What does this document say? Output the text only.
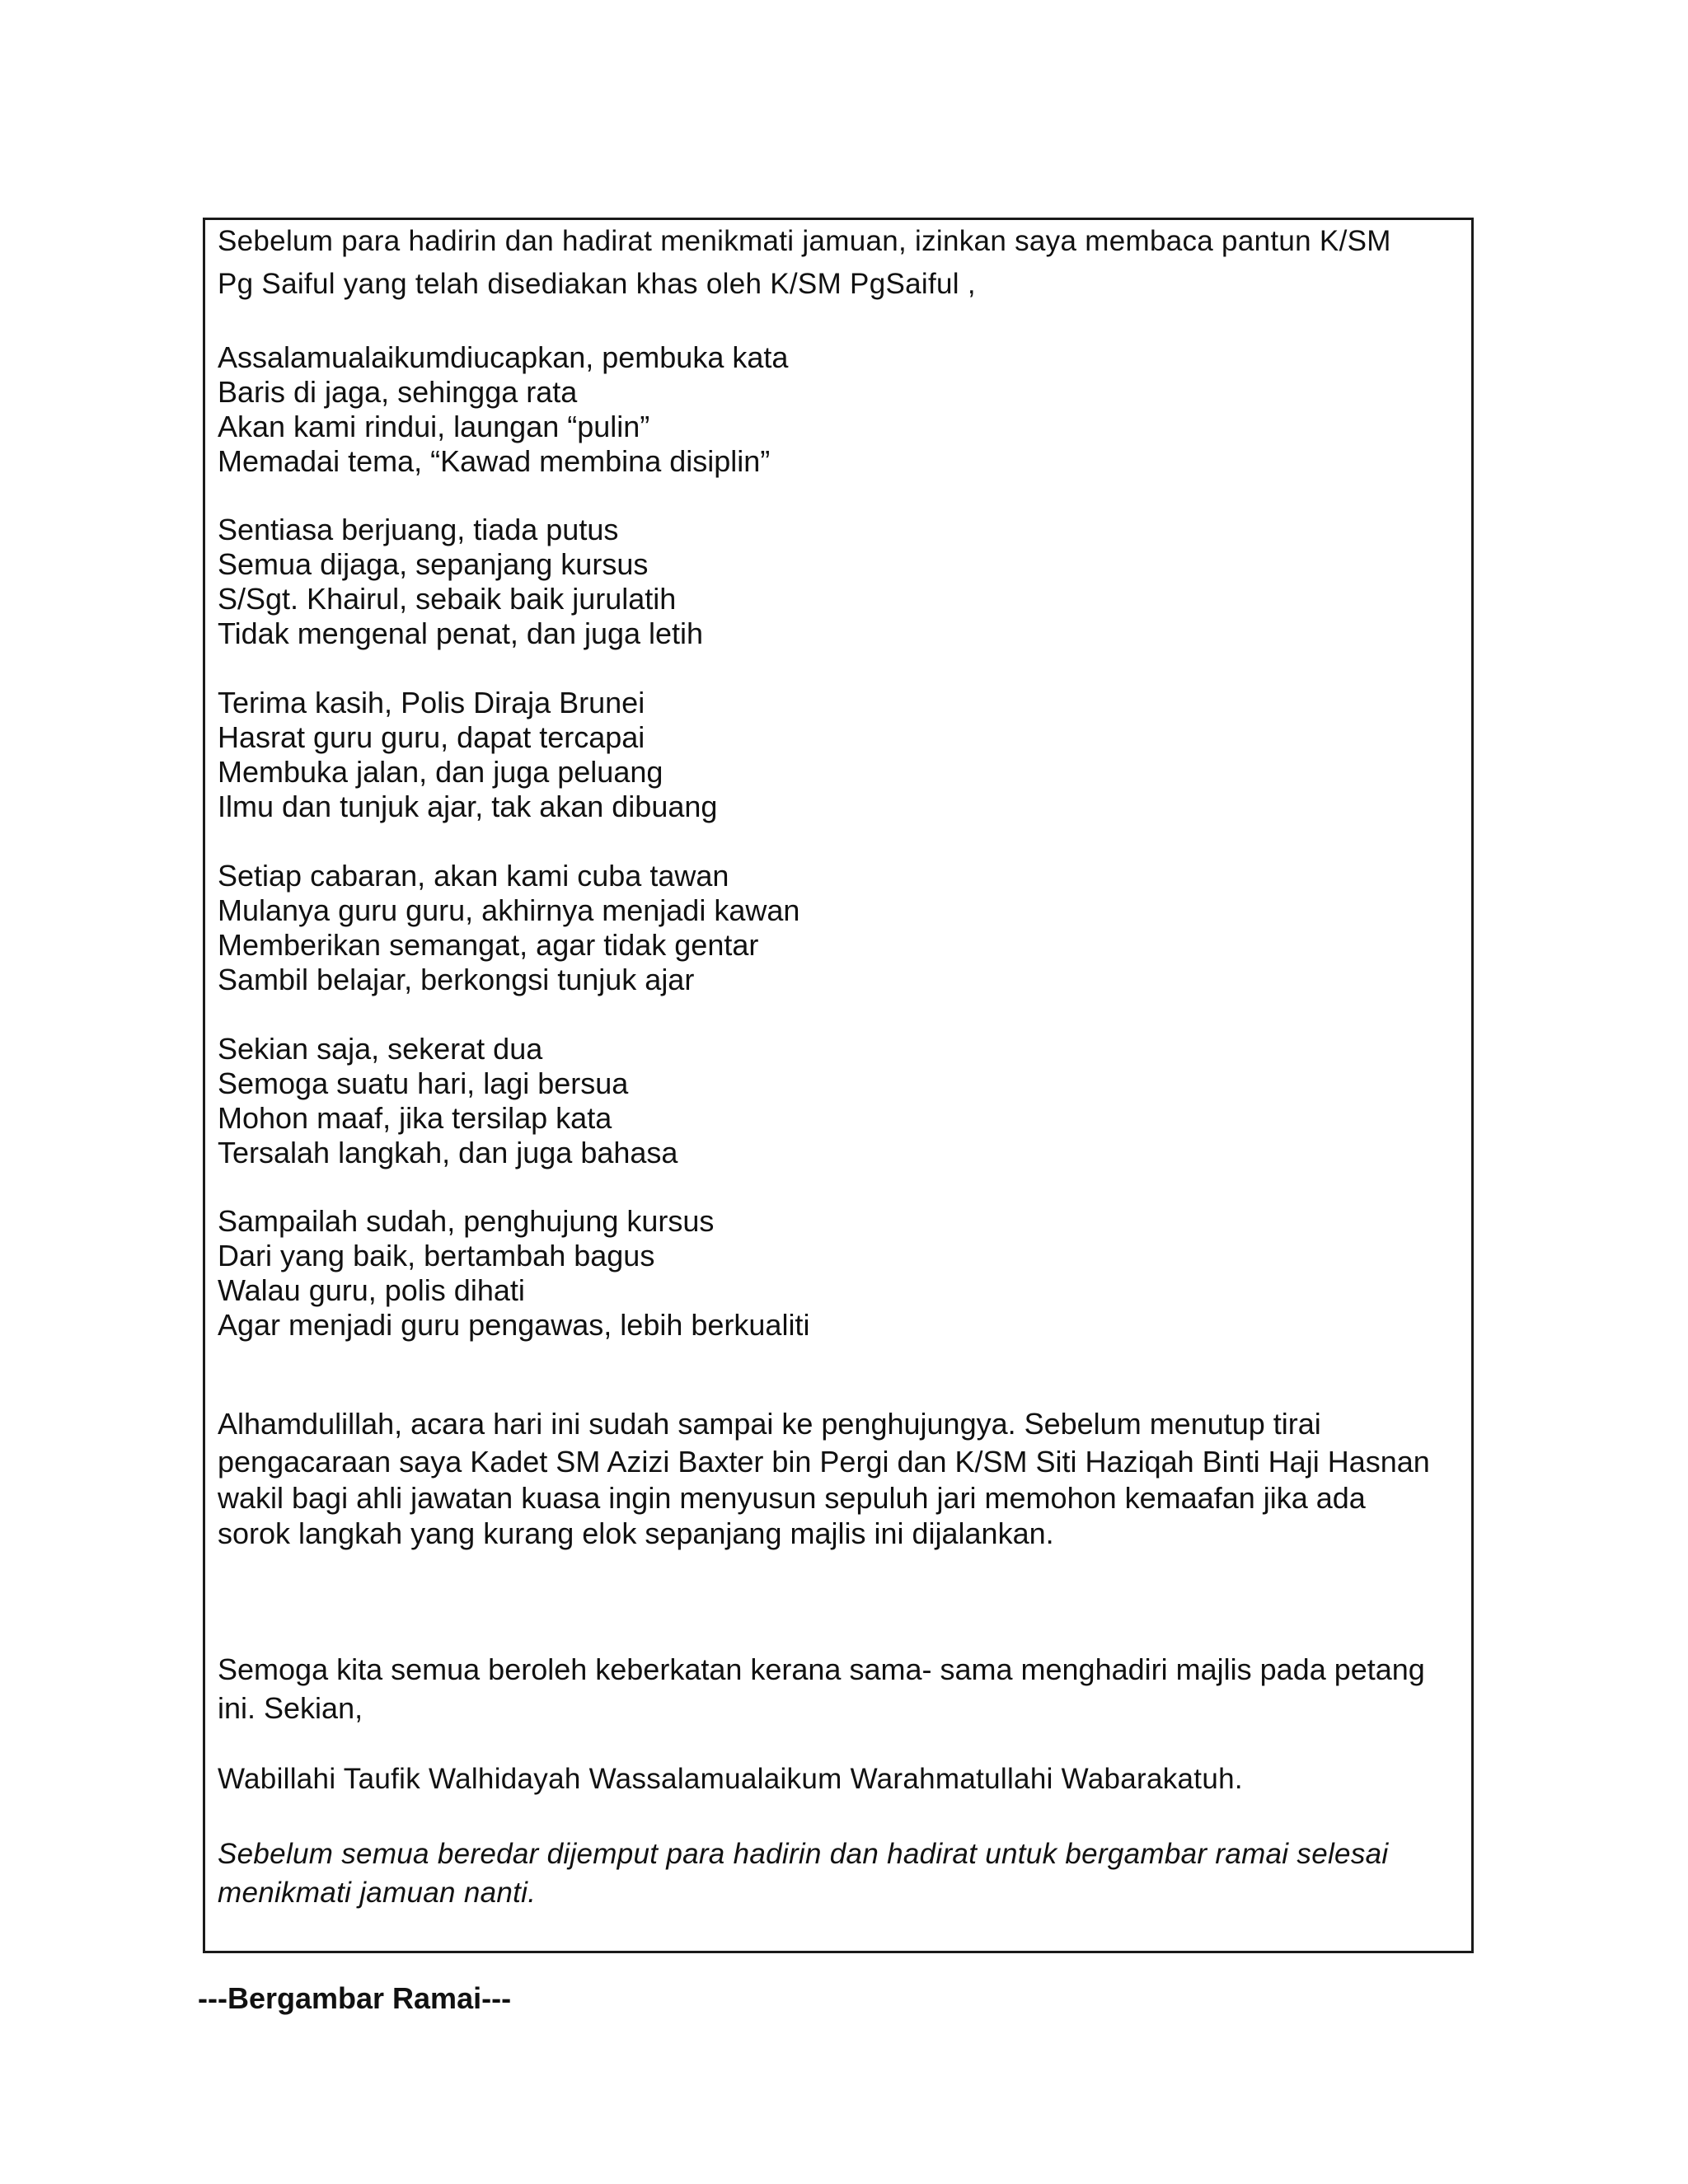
Sebelum para hadirin dan hadirat menikmati jamuan, izinkan saya membaca pantun K/SM

Pg Saiful yang telah disediakan khas oleh K/SM PgSaiful ,

Assalamualaikumdiucapkan, pembuka kata

Baris di jaga, sehingga rata

Akan kami rindui, laungan “pulin”

Memadai tema, “Kawad membina disiplin”

Sentiasa berjuang, tiada putus

Semua dijaga, sepanjang kursus

S/Sgt. Khairul, sebaik baik jurulatih

Tidak mengenal penat, dan juga letih

Terima kasih, Polis Diraja Brunei

Hasrat guru guru, dapat tercapai

Membuka jalan, dan juga peluang

Ilmu dan tunjuk ajar, tak akan dibuang

Setiap cabaran, akan kami cuba tawan

Mulanya guru guru, akhirnya menjadi kawan

Memberikan semangat, agar tidak gentar

Sambil belajar, berkongsi tunjuk ajar

Sekian saja, sekerat dua

Semoga suatu hari, lagi bersua

Mohon maaf, jika tersilap kata

Tersalah langkah, dan juga bahasa

Sampailah sudah, penghujung kursus

Dari yang baik, bertambah bagus

Walau guru, polis dihati

Agar menjadi guru pengawas, lebih berkualiti

Alhamdulillah, acara hari ini sudah sampai ke penghujungya. Sebelum menutup tirai

pengacaraan saya Kadet SM Azizi Baxter bin Pergi dan K/SM Siti Haziqah Binti Haji Hasnan

wakil bagi ahli jawatan kuasa ingin menyusun sepuluh jari memohon kemaafan jika ada

sorok langkah yang kurang elok sepanjang majlis ini dijalankan.

Semoga kita semua beroleh keberkatan kerana sama- sama menghadiri majlis pada petang

ini. Sekian,

Wabillahi Taufik Walhidayah Wassalamualaikum Warahmatullahi Wabarakatuh.

Sebelum semua beredar dijemput para hadirin dan hadirat untuk bergambar ramai selesai

menikmati jamuan nanti.

---Bergambar Ramai---
